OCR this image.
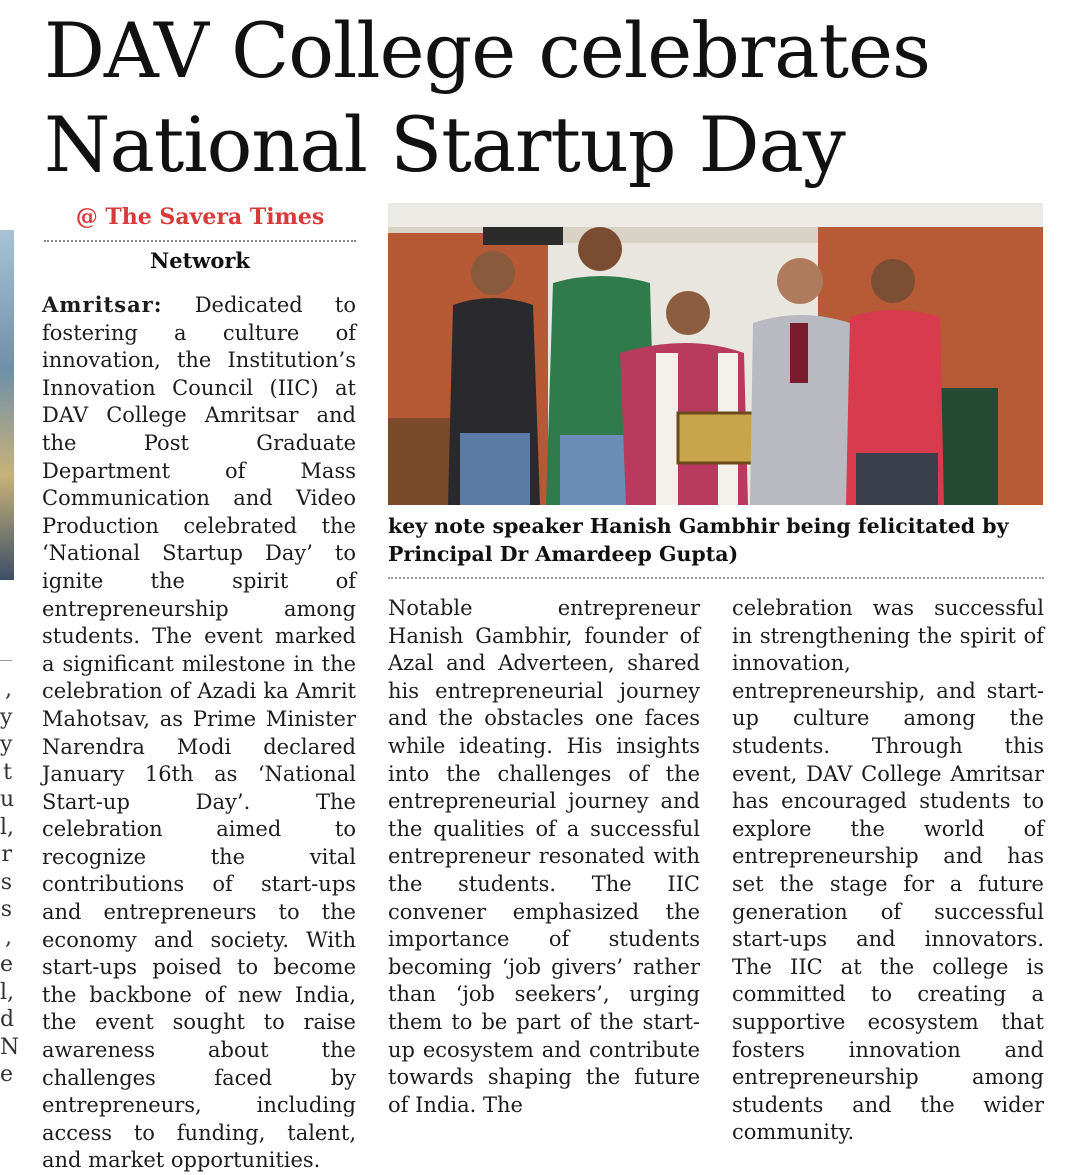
DAV College celebrates
National Startup Day
,
y
y
t
u
l,
r
s
s
,
e
l,
d
N
e
@ The Savera Times
Network
Amritsar: Dedicated to fostering a culture of innovation, the Institution’s Innovation Council (IIC) at DAV College Amritsar and the Post Graduate Department of Mass Communication and Video Production celebrated the ‘National Startup Day’ to ignite the spirit of entrepreneurship among students. The event marked a significant milestone in the celebration of Azadi ka Amrit Mahotsav, as Prime Minister Narendra Modi declared January 16th as ‘National Start-up Day’. The celebration aimed to recognize the vital contributions of start-ups and entrepreneurs to the economy and society. With start-ups poised to become the backbone of new India, the event sought to raise awareness about the challenges faced by entrepreneurs, including access to funding, talent, and market opportunities.
key note speaker Hanish Gambhir being felicitated by Principal Dr Amardeep Gupta)
Notable entrepreneur Hanish Gambhir, founder of Azal and Adverteen, shared his entrepreneurial journey and the obstacles one faces while ideating. His insights into the challenges of the entrepreneurial journey and the qualities of a successful entrepreneur resonated with the students. The IIC convener emphasized the importance of students becoming ‘job givers’ rather than ‘job seekers’, urging them to be part of the start-up ecosystem and contribute towards shaping the future of India. The
celebration was successful in strengthening the spirit of innovation, entrepreneurship, and start-up culture among the students. Through this event, DAV College Amritsar has encouraged students to explore the world of entrepreneurship and has set the stage for a future generation of successful start-ups and innovators. The IIC at the college is committed to creating a supportive ecosystem that fosters innovation and entrepreneurship among students and the wider community.
